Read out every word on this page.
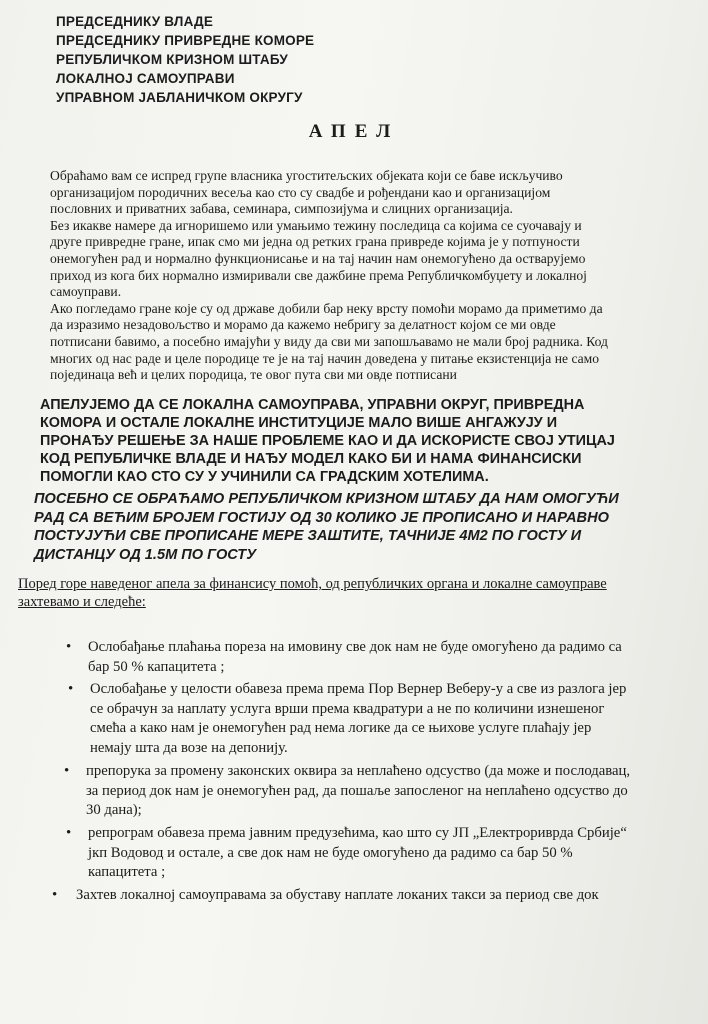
ПРЕДСЕДНИКУ ВЛАДЕ
ПРЕДСЕДНИКУ ПРИВРЕДНЕ КОМОРЕ
РЕПУБЛИЧКОМ КРИЗНОМ ШТАБУ
ЛОКАЛНОЈ САМОУПРАВИ
УПРАВНОМ ЈАБЛАНИЧКОМ ОКРУГУ
АПЕЛ

Обраћамо вам се испред групе власника угоститељских објеката који се баве искључиво

организацијом породичних весеља као сто су свадбе и рођендани као и организацијом

пословних и приватних забава, семинара, симпозијума и слицних организација.

Без икакве намере да игноришемо или умањимо тежину последица са којима се суочавају и

друге привредне гране, ипак смо ми једна од ретких грана привреде којима је у потпуности

онемогућен рад и нормално функционисање и на тај начин нам онемогућено да остварујемо

приход из кога бих нормално измиривали све дажбине према Републичкомбуџету и локалној

самоуправи.

Ако погледамо гране које су од државе добили бар неку врсту помоћи морамо да приметимо да

да изразимо незадовољство и морамо да кажемо небригу за делатност којом се ми овде

потписани бавимо, а посебно имајући у виду да сви ми запошљавамо не мали број радника. Код

многих од нас раде и целе породице те је на тај начин доведена у питање екзистенција не само

појединаца већ и целих породица, те овог пута сви ми овде потписани

АПЕЛУЈЕМО ДА СЕ ЛОКАЛНА САМОУПРАВА, УПРАВНИ ОКРУГ, ПРИВРЕДНА
КОМОРА И ОСТАЛЕ ЛОКАЛНЕ ИНСТИТУЦИЈЕ МАЛО ВИШЕ АНГАЖУЈУ И
ПРОНАЂУ РЕШЕЊЕ ЗА НАШЕ ПРОБЛЕМЕ КАО И ДА ИСКОРИСТЕ СВОЈ УТИЦАЈ
КОД РЕПУБЛИЧКЕ ВЛАДЕ И НАЂУ МОДЕЛ КАКО БИ И НАМА ФИНАНСИСКИ
ПОМОГЛИ КАО СТО СУ У УЧИНИЛИ СА ГРАДСКИМ ХОТЕЛИМА.
ПОСЕБНО СЕ ОБРАЋАМО РЕПУБЛИЧКОМ КРИЗНОМ ШТАБУ ДА НАМ ОМОГУЋИ
РАД СА ВЕЋИМ БРОЈЕМ ГОСТИЈУ ОД 30 КОЛИКО ЈЕ ПРОПИСАНО И НАРАВНО
ПОСТУЈУЋИ СВЕ ПРОПИСАНЕ МЕРЕ ЗАШТИТЕ, ТАЧНИЈЕ 4М2 ПО ГОСТУ И
ДИСТАНЦУ ОД 1.5М ПО ГОСТУ
Поред горе наведеног апела за финансису помоћ, од републичких органа и локалне самоуправе
захтевамо и следеће:
• Ослобађање плаћања пореза на имовину све док нам не буде омогућено да радимо са
бар 50 % капацитета ;
• Ослобађање у целости обавеза према према Пор Вернер Веберу-у а све из разлога јер
се обрачун за наплату услуга врши према квадратури а не по количини изнешеног
смећа а како нам је онемогућен рад нема логике да се њихове услуге плаћају јер
немају шта да возе на депонију.
• препорука за промену законских оквира за неплаћено одсуство (да може и послодавац,
за период док нам је онемогућен рад, да пошаље запосленог на неплаћено одсуство до
30 дана);
• репрограм обавеза према јавним предузећима, као што су ЈП „Електрориврда Србије“
јкп Водовод и остале, а све док нам не буде омогућено да радимо са бар 50 %
капацитета ;
• Захтев локалној самоуправама за обуставу наплате локаних такси за период све док
